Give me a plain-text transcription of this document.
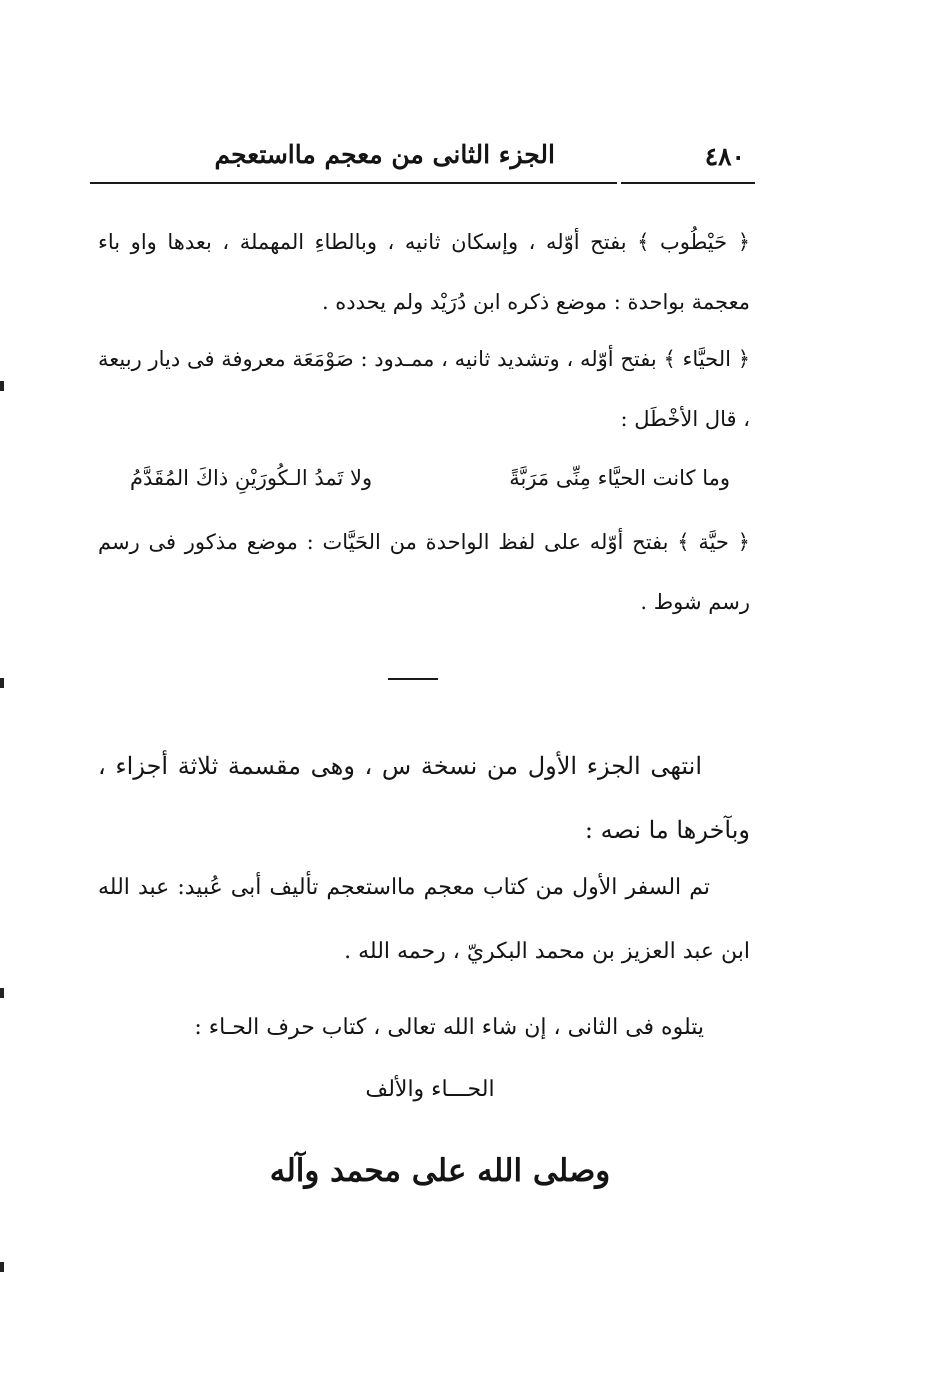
٤٨٠
الجزء الثانى من معجم مااستعجم

﴿ حَيْطُوب ﴾ بفتح أوّله ، وإسكان ثانيه ، وبالطاءِ المهملة ، بعدها واو باء معجمة بواحدة : موضع ذكره ابن دُرَيْد ولم يحدده .

﴿ الحيَّاء ﴾ بفتح أوّله ، وتشديد ثانيه ، ممـدود : صَوْمَعَة معروفة فى ديار ربيعة ، قال الأخْطَل :

وما كانت الحيَّاء مِنِّى مَرَبَّةً
ولا تَمدُ الـكُورَيْنِ ذاكَ المُقَدَّمُ

﴿ حيَّة ﴾ بفتح أوّله على لفظ الواحدة من الحَيَّات : موضع مذكور فى رسم رسم شوط .

انتهى الجزء الأول من نسخة س ، وهى مقسمة ثلاثة أجزاء ، وبآخرها ما نصه :

تم السفر الأول من كتاب معجم مااستعجم تأليف أبى عُبيد: عبد الله ابن عبد العزيز بن محمد البكريّ ، رحمه الله .

يتلوه فى الثانى ، إن شاء الله تعالى ، كتاب حرف الحـاء :

الحـــاء والألف

وصلى الله على محمد وآله
